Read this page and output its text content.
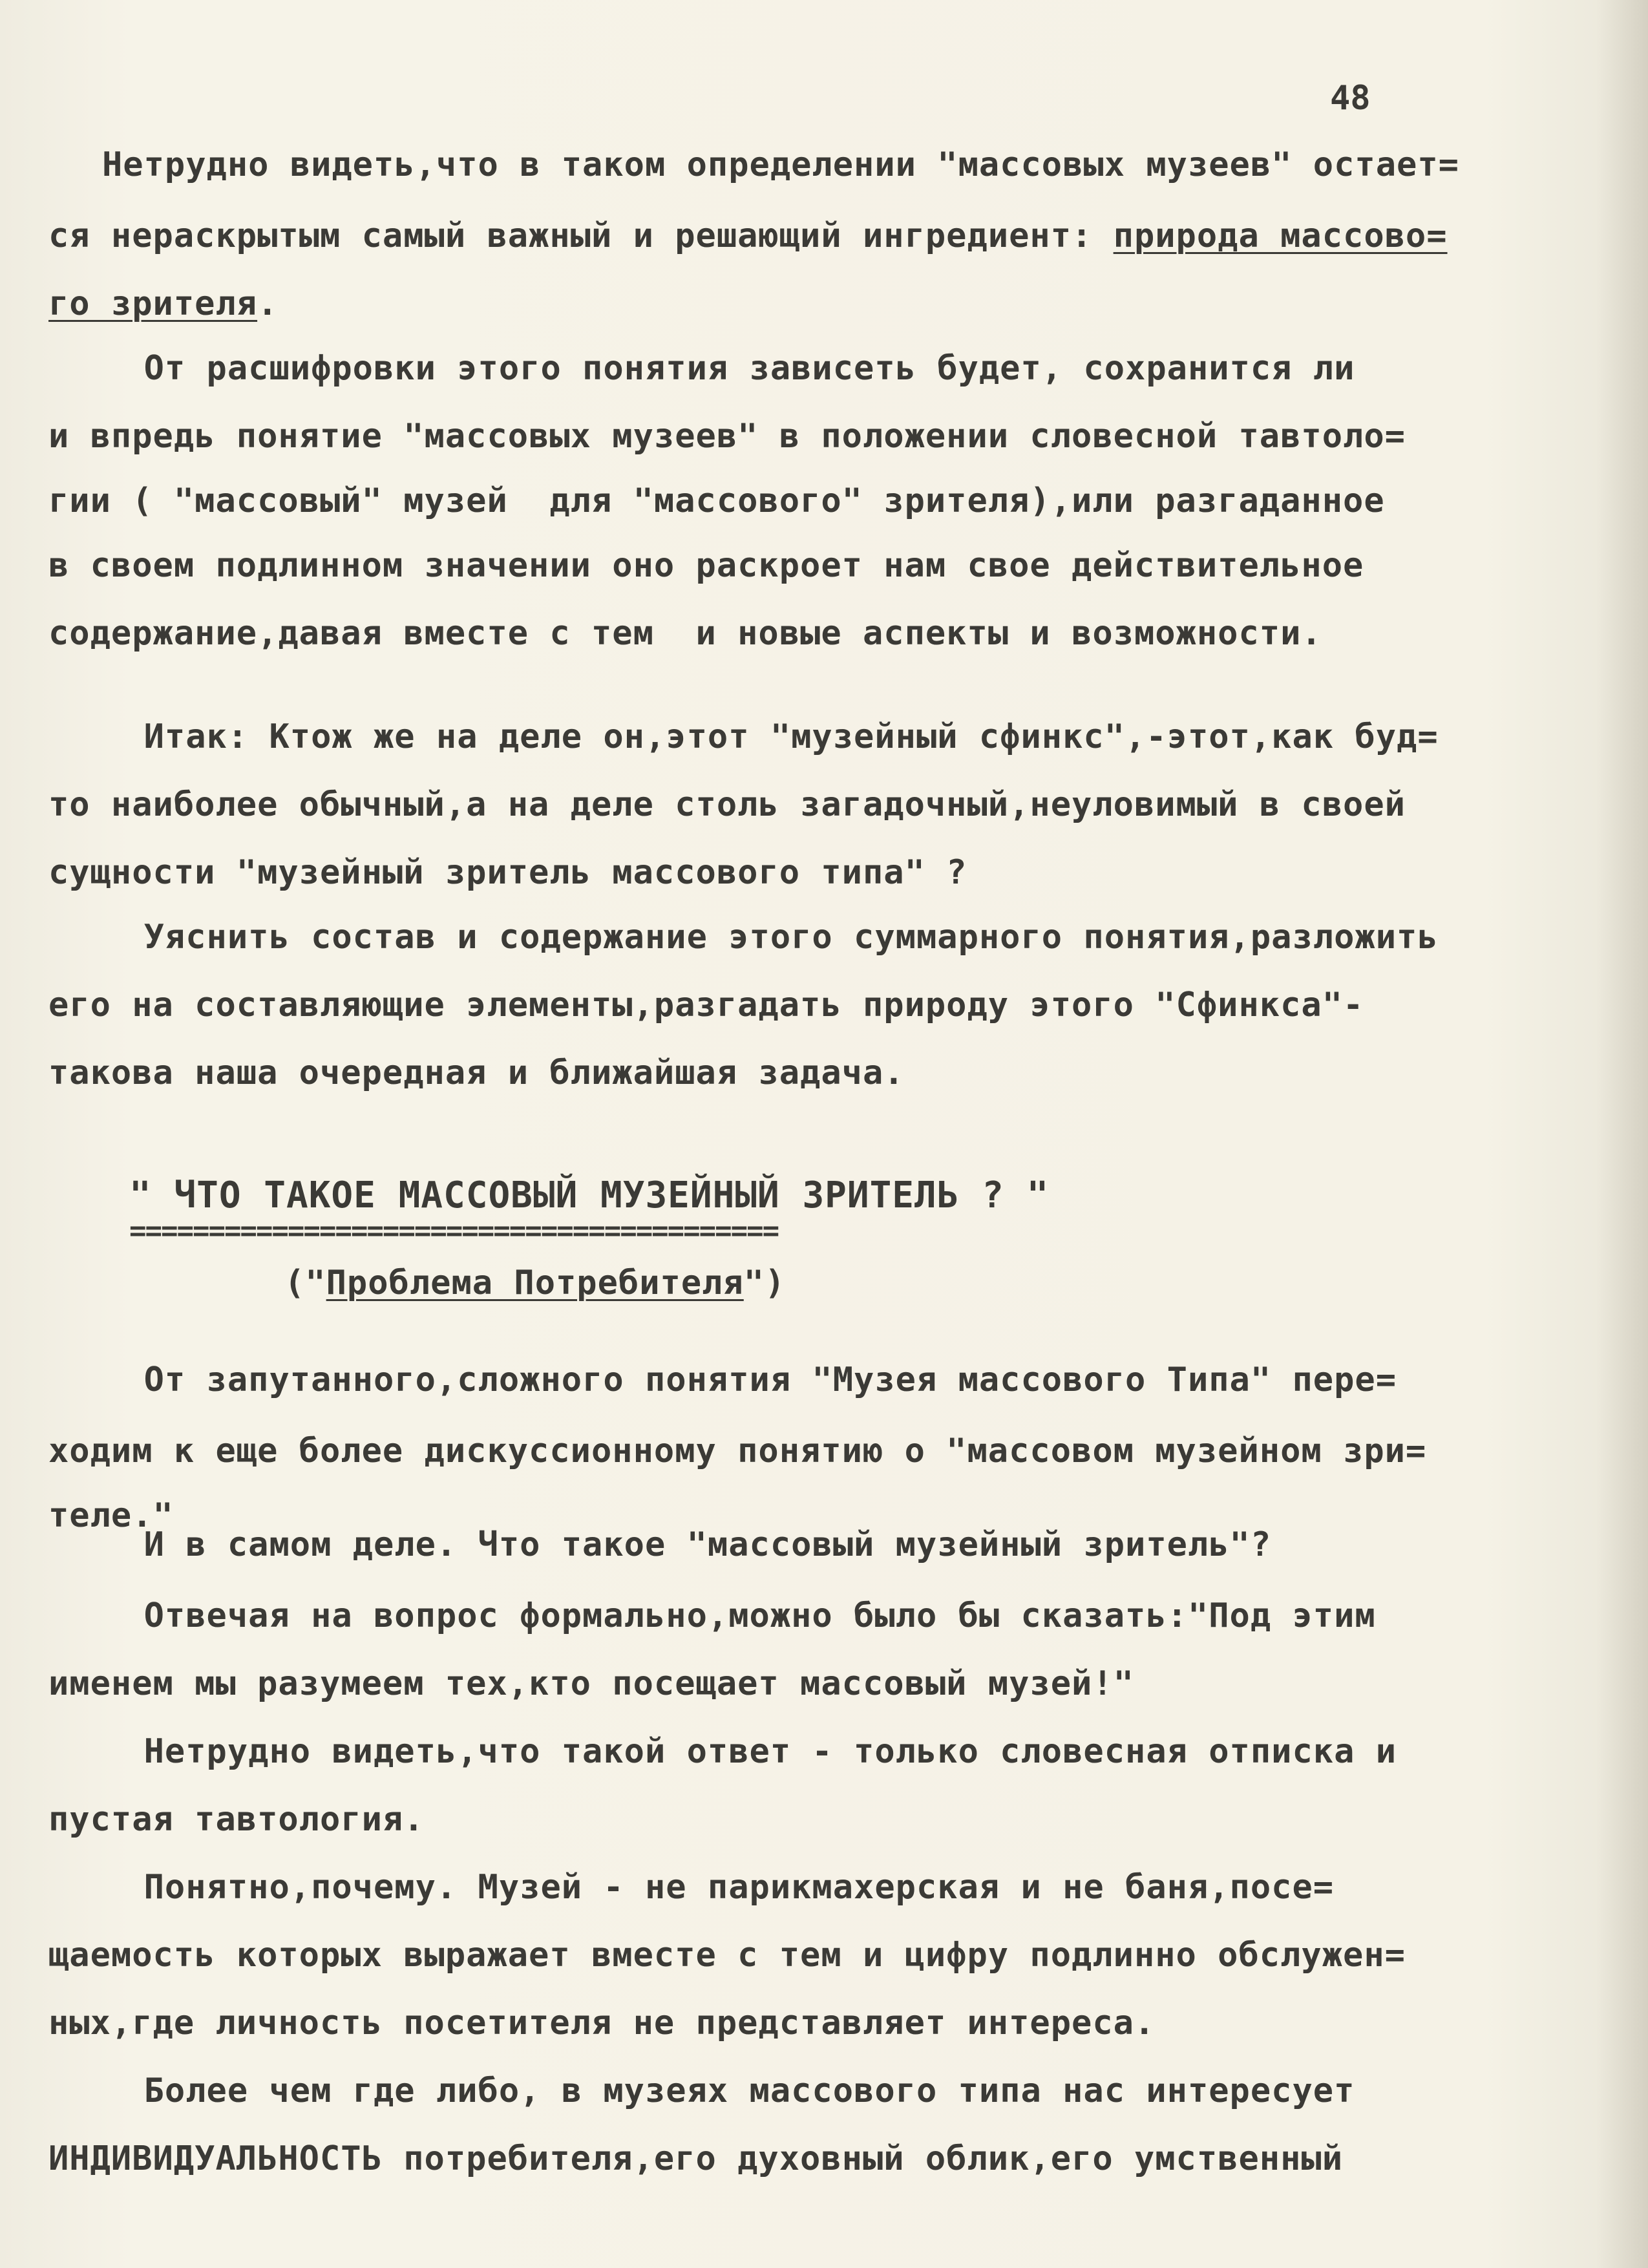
48
Нетрудно видеть,что в таком определении "массовых музеев" остает=
ся нераскрытым самый важный и решающий ингредиент: природа массово=
го зрителя.
От расшифровки этого понятия зависеть будет, сохранится ли
и впредь понятие "массовых музеев" в положении словесной тавтоло=
гии ( "массовый" музей  для "массового" зрителя),или разгаданное
в своем подлинном значении оно раскроет нам свое действительное
содержание,давая вместе с тем  и новые аспекты и возможности.
Итак: Ктож же на деле он,этот "музейный сфинкс",-этот,как буд=
то наиболее обычный,а на деле столь загадочный,неуловимый в своей
сущности "музейный зритель массового типа" ?
Уяснить состав и содержание этого суммарного понятия,разложить
его на составляющие элементы,разгадать природу этого "Сфинкса"-
такова наша очередная и ближайшая задача.
" ЧТО ТАКОЕ МАССОВЫЙ МУЗЕЙНЫЙ ЗРИТЕЛЬ ? "
=========================================
("Проблема Потребителя")
От запутанного,сложного понятия "Музея массового Типа" пере=
ходим к еще более дискуссионному понятию о "массовом музейном зри=
теле."
И в самом деле. Что такое "массовый музейный зритель"?
Отвечая на вопрос формально,можно было бы сказать:"Под этим
именем мы разумеем тех,кто посещает массовый музей!"
Нетрудно видеть,что такой ответ - только словесная отписка и
пустая тавтология.
Понятно,почему. Музей - не парикмахерская и не баня,посе=
щаемость которых выражает вместе с тем и цифру подлинно обслужен=
ных,где личность посетителя не представляет интереса.
Более чем где либо, в музеях массового типа нас интересует
ИНДИВИДУАЛЬНОСТЬ потребителя,его духовный облик,его умственный
